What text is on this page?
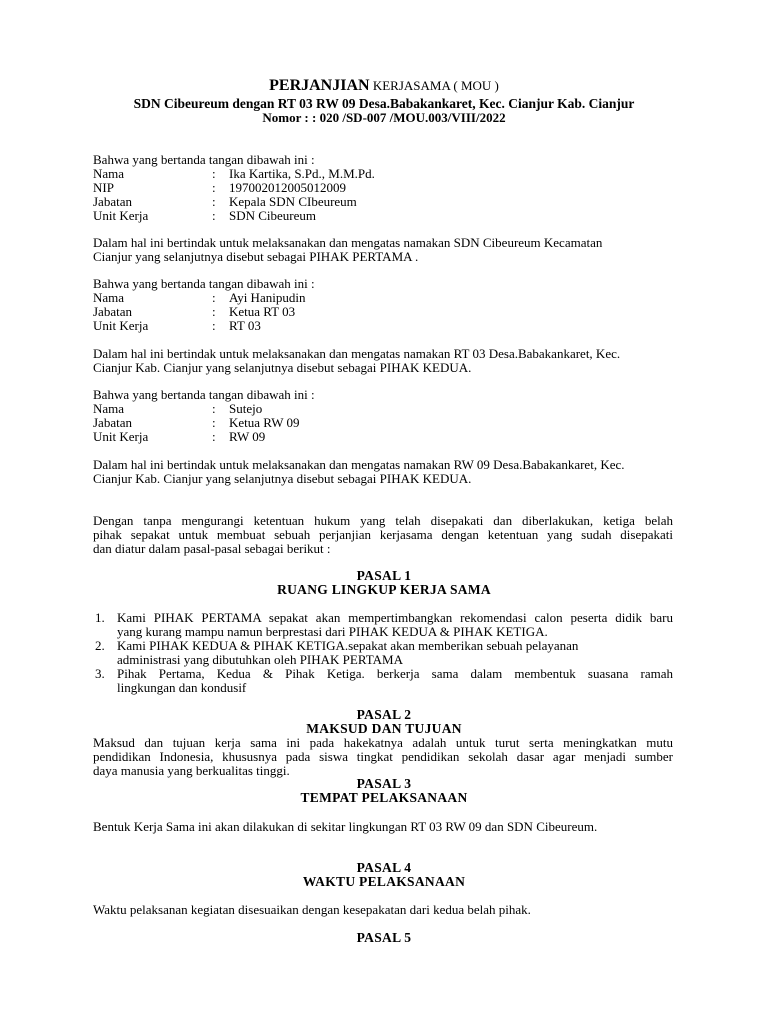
PERJANJIAN KERJASAMA ( MOU )
SDN Cibeureum dengan RT 03 RW 09 Desa.Babakankaret, Kec. Cianjur Kab. Cianjur
Nomor : : 020 /SD-007 /MOU.003/VIII/2022
Bahwa yang bertanda tangan dibawah ini :
Nama	: Ika Kartika, S.Pd., M.M.Pd.
NIP	: 197002012005012009
Jabatan	: Kepala SDN CIbeureum
Unit Kerja	: SDN Cibeureum
Dalam hal ini bertindak untuk melaksanakan dan mengatas namakan SDN Cibeureum Kecamatan
Cianjur yang selanjutnya disebut sebagai PIHAK PERTAMA .
Bahwa yang bertanda tangan dibawah ini :
Nama	: Ayi Hanipudin
Jabatan	: Ketua RT 03
Unit Kerja	: RT 03
Dalam hal ini bertindak untuk melaksanakan dan mengatas namakan RT 03 Desa.Babakankaret, Kec.
Cianjur Kab. Cianjur yang selanjutnya disebut sebagai PIHAK KEDUA.
Bahwa yang bertanda tangan dibawah ini :
Nama	: Sutejo
Jabatan	: Ketua RW 09
Unit Kerja	: RW 09
Dalam hal ini bertindak untuk melaksanakan dan mengatas namakan RW 09 Desa.Babakankaret, Kec.
Cianjur Kab. Cianjur yang selanjutnya disebut sebagai PIHAK KEDUA.
Dengan tanpa mengurangi ketentuan hukum yang telah disepakati dan diberlakukan, ketiga belah
pihak sepakat untuk membuat sebuah perjanjian kerjasama dengan ketentuan yang sudah disepakati
dan diatur dalam pasal-pasal sebagai berikut :
PASAL 1
RUANG LINGKUP KERJA SAMA
1. Kami PIHAK PERTAMA sepakat akan mempertimbangkan rekomendasi calon peserta didik baru
yang kurang mampu namun berprestasi dari PIHAK KEDUA & PIHAK KETIGA.
2. Kami PIHAK KEDUA & PIHAK KETIGA.sepakat akan memberikan sebuah pelayanan
administrasi yang dibutuhkan oleh PIHAK PERTAMA
3. Pihak Pertama, Kedua & Pihak Ketiga. berkerja sama dalam membentuk suasana ramah
lingkungan dan kondusif
PASAL 2
MAKSUD DAN TUJUAN
Maksud dan tujuan kerja sama ini pada hakekatnya adalah untuk turut serta meningkatkan mutu
pendidikan Indonesia, khususnya pada siswa tingkat pendidikan sekolah dasar agar menjadi sumber
daya manusia yang berkualitas tinggi.
PASAL 3
TEMPAT PELAKSANAAN
Bentuk Kerja Sama ini akan dilakukan di sekitar lingkungan RT 03 RW 09 dan SDN Cibeureum.
PASAL 4
WAKTU PELAKSANAAN
Waktu pelaksanan kegiatan disesuaikan dengan kesepakatan dari kedua belah pihak.
PASAL 5
